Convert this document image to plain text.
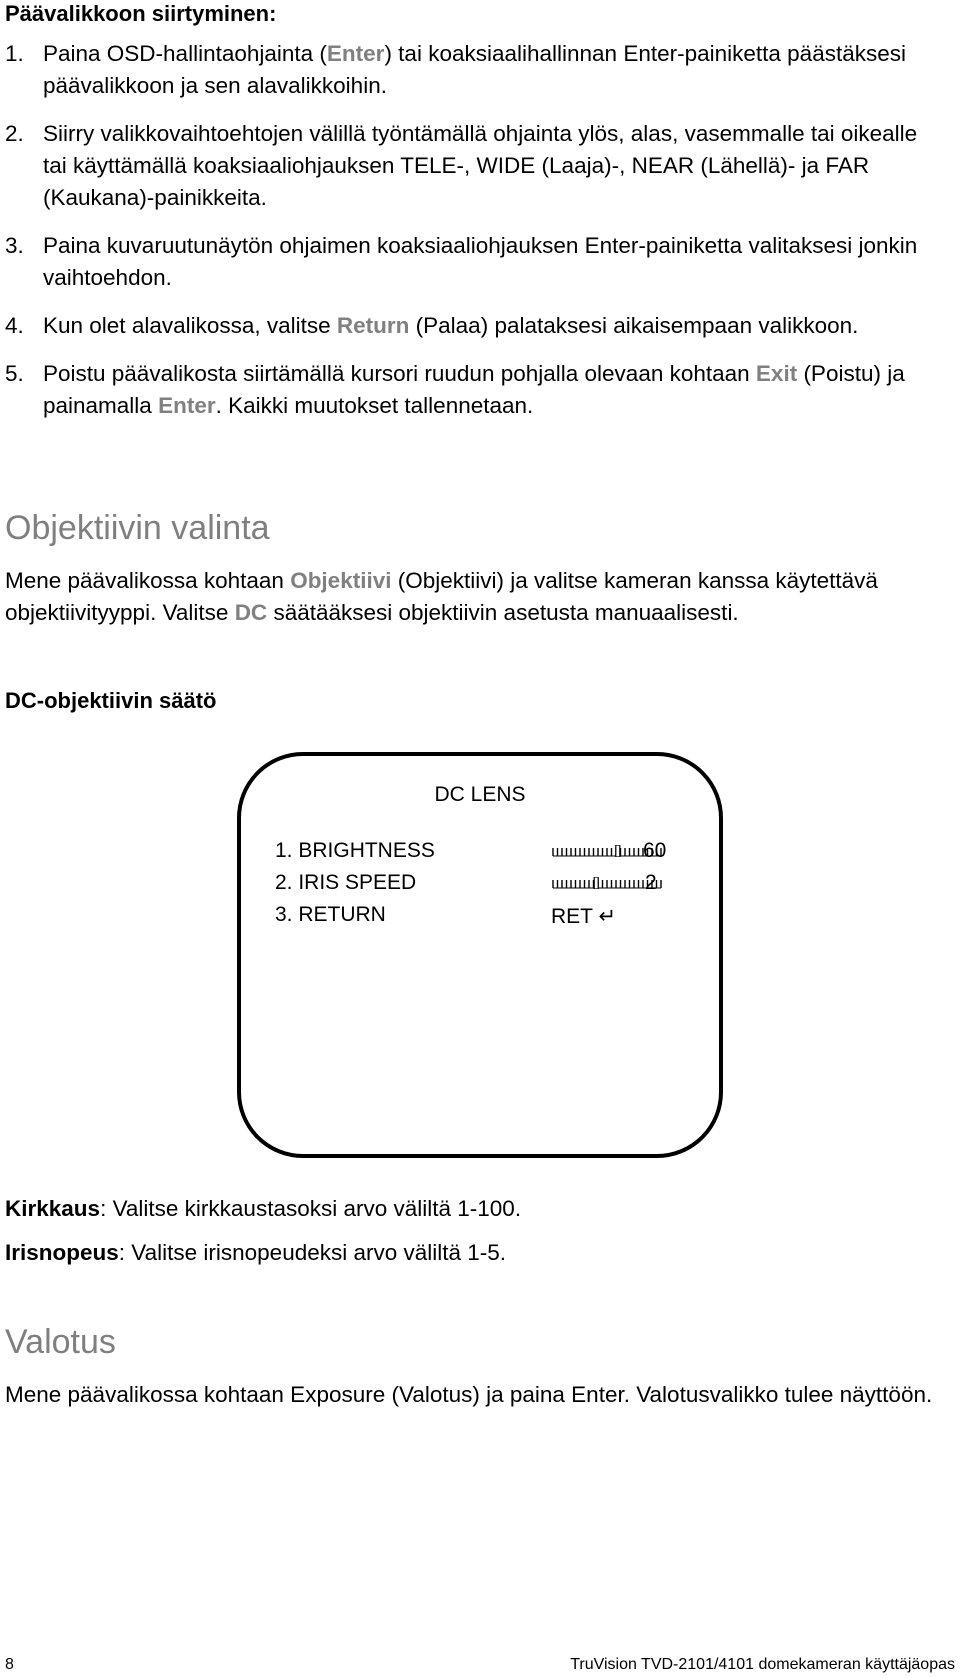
Päävalikkoon siirtyminen:
1. Paina OSD-hallintaohjainta (Enter) tai koaksiaalihallinnan Enter-painiketta päästäksesi päävalikkoon ja sen alavalikkoihin.
2. Siirry valikkovaihtoehtojen välillä työntämällä ohjainta ylös, alas, vasemmalle tai oikealle tai käyttämällä koaksiaaliohjauksen TELE-, WIDE (Laaja)-, NEAR (Lähellä)- ja FAR (Kaukana)-painikkeita.
3. Paina kuvaruutunäytön ohjaimen koaksiaaliohjauksen Enter-painiketta valitaksesi jonkin vaihtoehdon.
4. Kun olet alavalikossa, valitse Return (Palaa) palataksesi aikaisempaan valikkoon.
5. Poistu päävalikosta siirtämällä kursori ruudun pohjalla olevaan kohtaan Exit (Poistu) ja painamalla Enter. Kaikki muutokset tallennetaan.
Objektiivin valinta

Mene päävalikossa kohtaan Objektiivi (Objektiivi) ja valitse kameran kanssa käytettävä objektiivityyppi. Valitse DC säätääksesi objektiivin asetusta manuaalisesti.

DC-objektiivin säätö
DC LENS
1. BRIGHTNESS	60
2. IRIS SPEED	2
3. RETURN	RET ↵

Kirkkaus: Valitse kirkkaustasoksi arvo väliltä 1-100.

Irisnopeus: Valitse irisnopeudeksi arvo väliltä 1-5.

Valotus

Mene päävalikossa kohtaan Exposure (Valotus) ja paina Enter. Valotusvalikko tulee näyttöön.

8	TruVision TVD-2101/4101 domekameran käyttäjäopas
